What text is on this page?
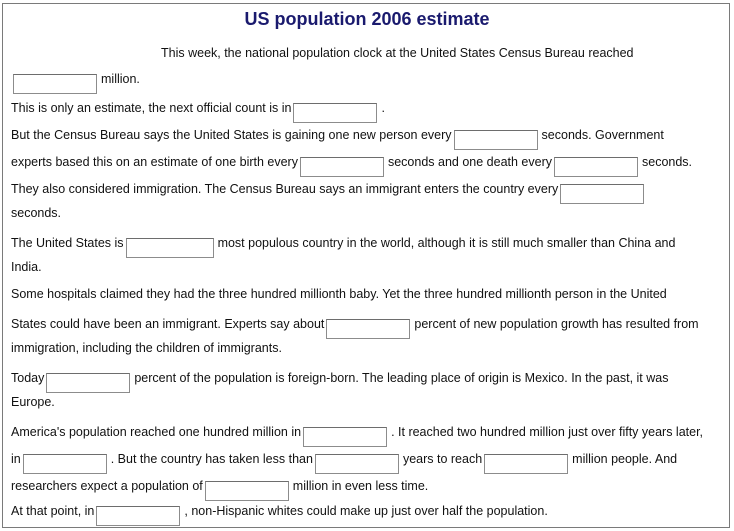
US population 2006 estimate
This week, the national population clock at the United States Census Bureau reached
million.
This is only an estimate, the next official count is in	.
But the Census Bureau says the United States is gaining one new person every	seconds. Government
experts based this on an estimate of one birth every	seconds and one death every	seconds.
They also considered immigration. The Census Bureau says an immigrant enters the country every
seconds.
The United States is	most populous country in the world, although it is still much smaller than China and
India.
Some hospitals claimed they had the three hundred millionth baby. Yet the three hundred millionth person in the United
States could have been an immigrant. Experts say about	percent of new population growth has resulted from
immigration, including the children of immigrants.
Today	percent of the population is foreign-born. The leading place of origin is Mexico. In the past, it was
Europe.
America's population reached one hundred million in	. It reached two hundred million just over fifty years later,
in	. But the country has taken less than	years to reach	million people. And
researchers expect a population of	million in even less time.
At that point, in	, non-Hispanic whites could make up just over half the population.
